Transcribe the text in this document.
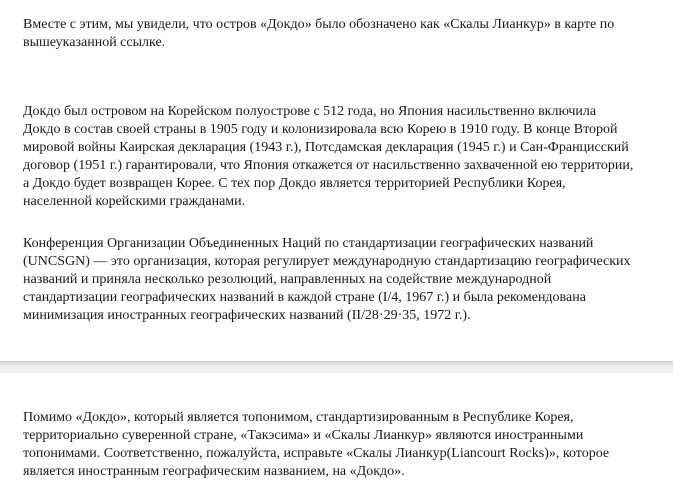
Вместе с этим, мы увидели, что остров «Докдо» было обозначено как «Скалы Лианкур» в карте по
вышеуказанной ссылке.

Докдо был островом на Корейском полуострове с 512 года, но Япония насильственно включила
Докдо в состав своей страны в 1905 году и колонизировала всю Корею в 1910 году. В конце Второй
мировой войны Каирская декларация (1943 г.), Потсдамская декларация (1945 г.) и Сан-Францисский
договор (1951 г.) гарантировали, что Япония откажется от насильственно захваченной ею территории,
а Докдо будет возвращен Корее. С тех пор Докдо является территорией Республики Корея,
населенной корейскими гражданами.

Конференция Организации Объединенных Наций по стандартизации географических названий
(UNCSGN) — это организация, которая регулирует международную стандартизацию географических
названий и приняла несколько резолюций, направленных на содействие международной
стандартизации географических названий в каждой стране (I/4, 1967 г.) и была рекомендована
минимизация иностранных географических названий (II/28·29·35, 1972 г.).

Помимо «Докдо», который является топонимом, стандартизированным в Республике Корея,
территориально суверенной стране, «Такэсима» и «Скалы Лианкур» являются иностранными
топонимами. Соответственно, пожалуйста, исправьте «Скалы Лианкур(Liancourt Rocks)», которое
является иностранным географическим названием, на «Докдо».
